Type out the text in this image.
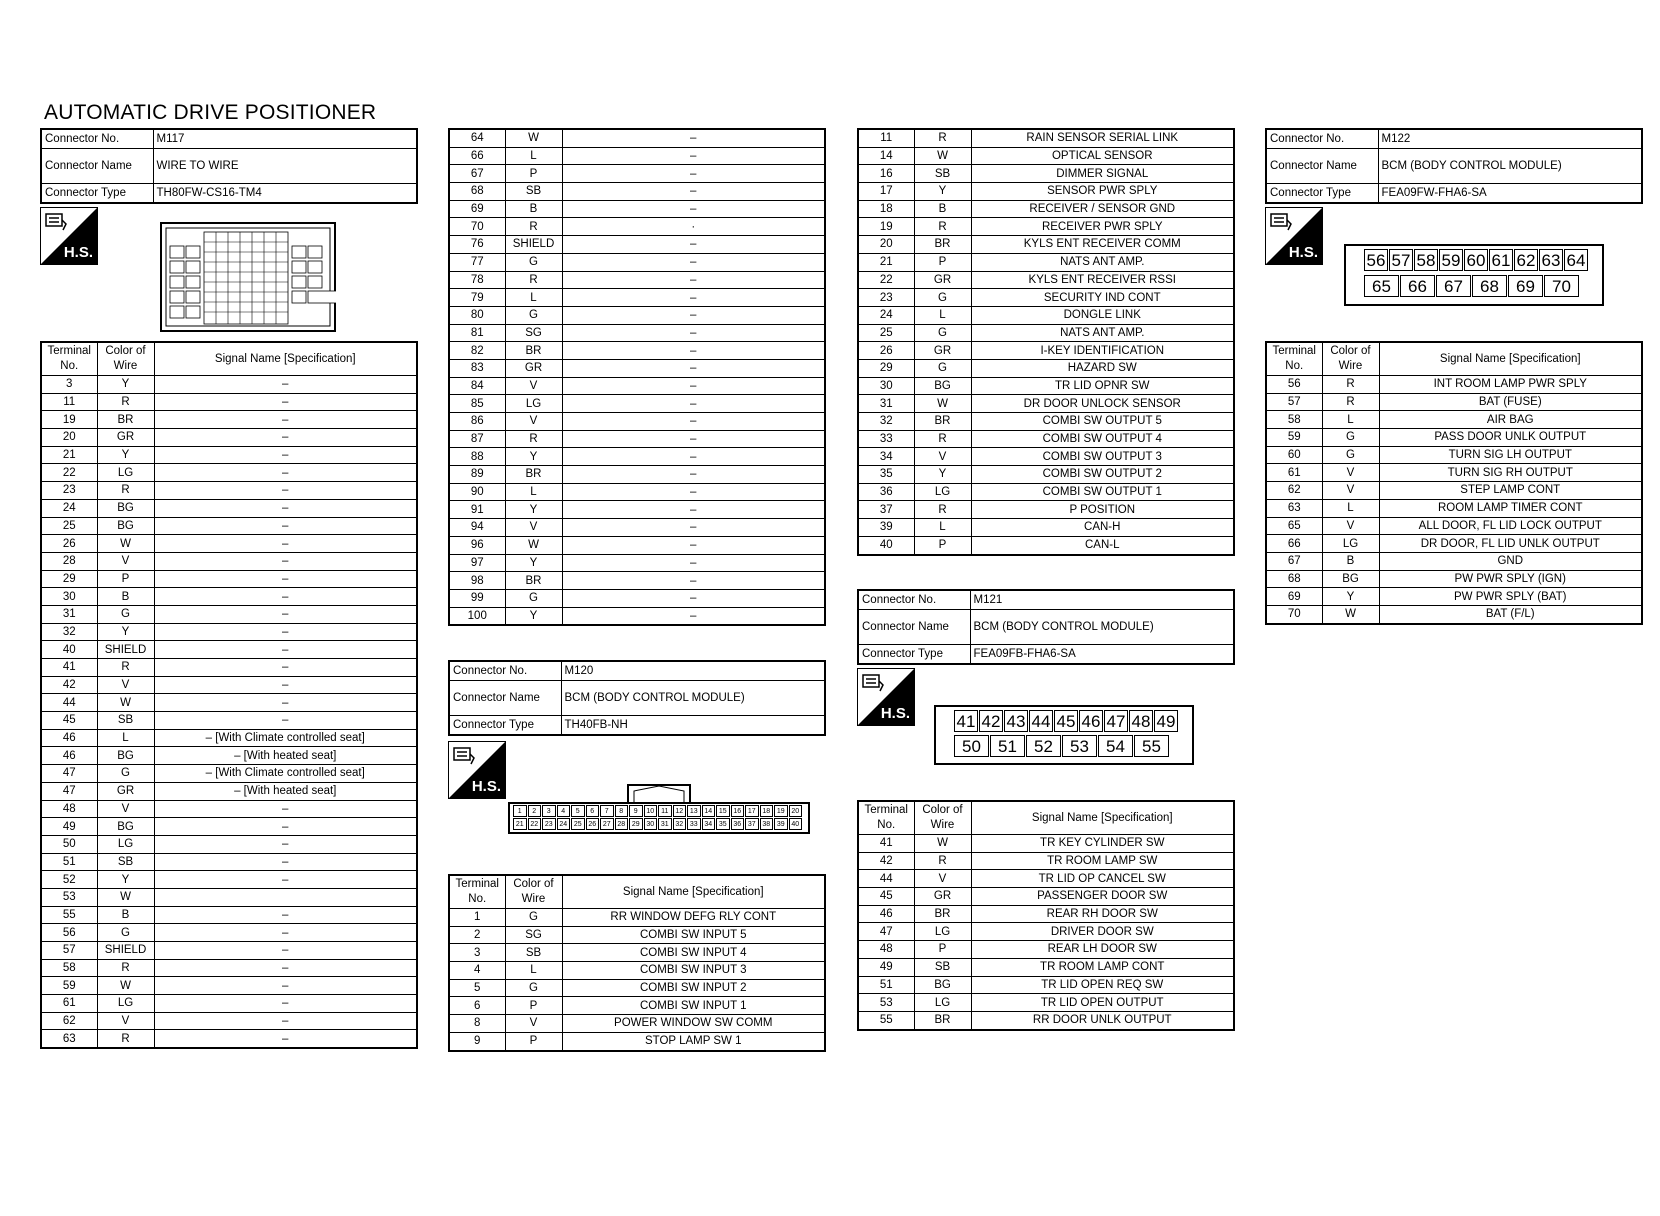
AUTOMATIC DRIVE POSITIONER
Connector No.	M117
Connector Name	WIRE TO WIRE
Connector Type	TH80FW-CS16-TM4
H.S.
Terminal No.	Color of Wire	Signal Name [Specification]
3	Y	–
11	R	–
19	BR	–
20	GR	–
21	Y	–
22	LG	–
23	R	–
24	BG	–
25	BG	–
26	W	–
28	V	–
29	P	–
30	B	–
31	G	–
32	Y	–
40	SHIELD	–
41	R	–
42	V	–
44	W	–
45	SB	–
46	L	– [With Climate controlled seat]
46	BG	– [With heated seat]
47	G	– [With Climate controlled seat]
47	GR	– [With heated seat]
48	V	–
49	BG	–
50	LG	–
51	SB	–
52	Y	–
53	W	
55	B	–
56	G	–
57	SHIELD	–
58	R	–
59	W	–
61	LG	–
62	V	–
63	R	–
64	W	–
66	L	–
67	P	–
68	SB	–
69	B	–
70	R	·
76	SHIELD	–
77	G	–
78	R	–
79	L	–
80	G	–
81	SG	–
82	BR	–
83	GR	–
84	V	–
85	LG	–
86	V	–
87	R	–
88	Y	–
89	BR	–
90	L	–
91	Y	–
94	V	–
96	W	–
97	Y	–
98	BR	–
99	G	–
100	Y	–
Connector No.	M120
Connector Name	BCM (BODY CONTROL MODULE)
Connector Type	TH40FB-NH
H.S.
1	2	3	4	5	6	7	8	9	10 11 12 13 14 15 16 17 18 19 20
21 22 23 24 25 26 27 28 29 30 31 32 33 34 35 36 37 38 39 40
Terminal No.	Color of Wire	Signal Name [Specification]
1	G	RR WINDOW DEFG RLY CONT
2	SG	COMBI SW INPUT 5
3	SB	COMBI SW INPUT 4
4	L	COMBI SW INPUT 3
5	G	COMBI SW INPUT 2
6	P	COMBI SW INPUT 1
8	V	POWER WINDOW SW COMM
9	P	STOP LAMP SW 1
11	R	RAIN SENSOR SERIAL LINK
14	W	OPTICAL SENSOR
16	SB	DIMMER SIGNAL
17	Y	SENSOR PWR SPLY
18	B	RECEIVER / SENSOR GND
19	R	RECEIVER PWR SPLY
20	BR	KYLS ENT RECEIVER COMM
21	P	NATS ANT AMP.
22	GR	KYLS ENT RECEIVER RSSI
23	G	SECURITY IND CONT
24	L	DONGLE LINK
25	G	NATS ANT AMP.
26	GR	I-KEY IDENTIFICATION
29	G	HAZARD SW
30	BG	TR LID OPNR SW
31	W	DR DOOR UNLOCK SENSOR
32	BR	COMBI SW OUTPUT 5
33	R	COMBI SW OUTPUT 4
34	V	COMBI SW OUTPUT 3
35	Y	COMBI SW OUTPUT 2
36	LG	COMBI SW OUTPUT 1
37	R	P POSITION
39	L	CAN-H
40	P	CAN-L
Connector No.	M121
Connector Name	BCM (BODY CONTROL MODULE)
Connector Type	FEA09FB-FHA6-SA
H.S.	41 42 43 44 45 46 47 48 49
50	51	52	53	54	55
Terminal No.	Color of Wire	Signal Name [Specification]
41	W	TR KEY CYLINDER SW
42	R	TR ROOM LAMP SW
44	V	TR LID OP CANCEL SW
45	GR	PASSENGER DOOR SW
46	BR	REAR RH DOOR SW
47	LG	DRIVER DOOR SW
48	P	REAR LH DOOR SW
49	SB	TR ROOM LAMP CONT
51	BG	TR LID OPEN REQ SW
53	LG	TR LID OPEN OUTPUT
55	BR	RR DOOR UNLK OUTPUT
Connector No.	M122
Connector Name	BCM (BODY CONTROL MODULE)
Connector Type	FEA09FW-FHA6-SA
H.S.	56 57 58 59 60 61 62 63 64
65	66	67	68	69	70
Terminal No.	Color of Wire	Signal Name [Specification]
56	R	INT ROOM LAMP PWR SPLY
57	R	BAT (FUSE)
58	L	AIR BAG
59	G	PASS DOOR UNLK OUTPUT
60	G	TURN SIG LH OUTPUT
61	V	TURN SIG RH OUTPUT
62	V	STEP LAMP CONT
63	L	ROOM LAMP TIMER CONT
65	V	ALL DOOR, FL LID LOCK OUTPUT
66	LG	DR DOOR, FL LID UNLK OUTPUT
67	B	GND
68	BG	PW PWR SPLY (IGN)
69	Y	PW PWR SPLY (BAT)
70	W	BAT (F/L)
